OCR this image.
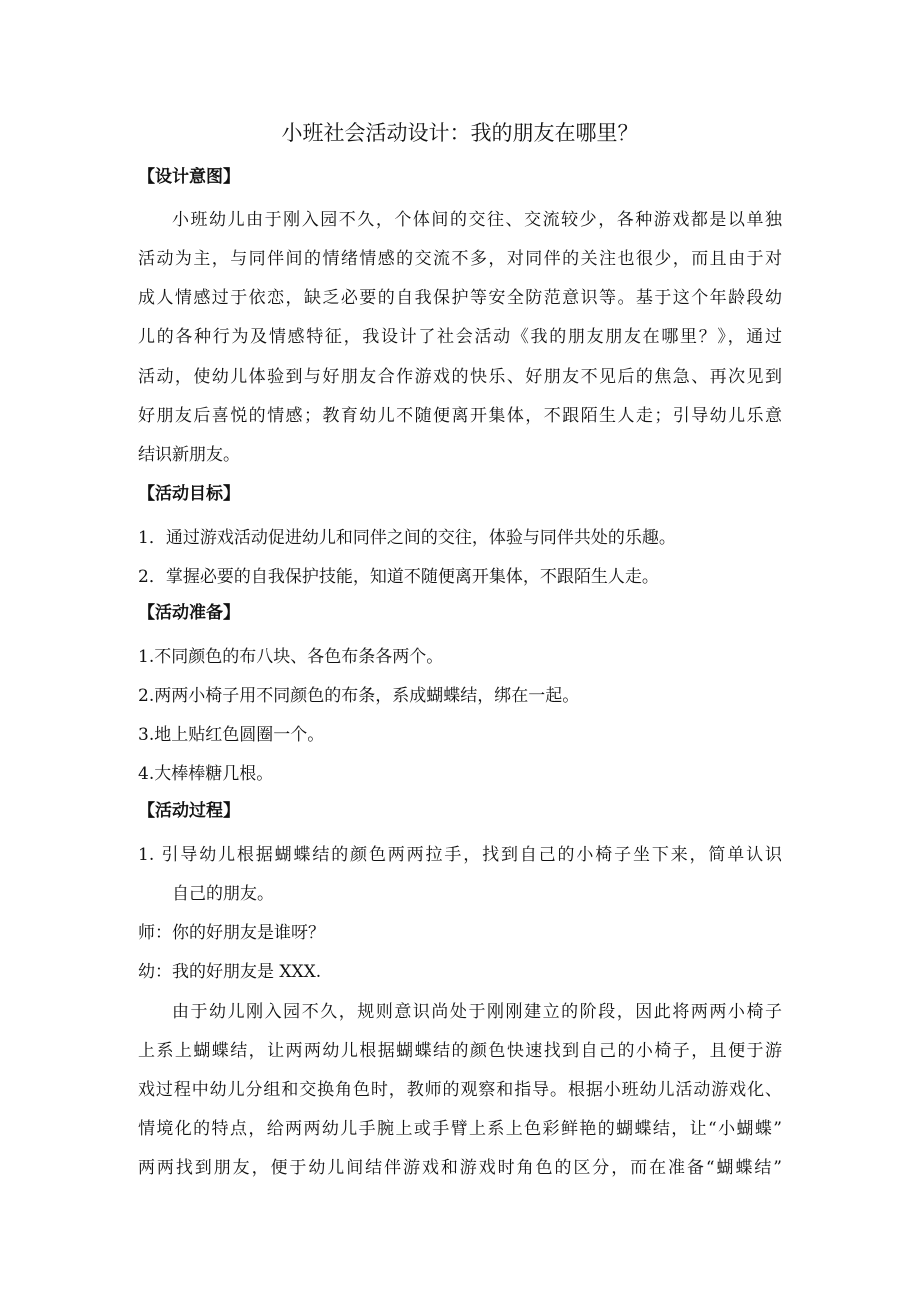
小班社会活动设计：我的朋友在哪里？
【设计意图】
小班幼儿由于刚入园不久，个体间的交往、交流较少，各种游戏都是以单独
活动为主，与同伴间的情绪情感的交流不多，对同伴的关注也很少，而且由于对
成人情感过于依恋，缺乏必要的自我保护等安全防范意识等。基于这个年龄段幼
儿的各种行为及情感特征，我设计了社会活动《我的朋友朋友在哪里？》，通过
活动，使幼儿体验到与好朋友合作游戏的快乐、好朋友不见后的焦急、再次见到
好朋友后喜悦的情感；教育幼儿不随便离开集体，不跟陌生人走；引导幼儿乐意
结识新朋友。
【活动目标】
1．通过游戏活动促进幼儿和同伴之间的交往，体验与同伴共处的乐趣。
2．掌握必要的自我保护技能，知道不随便离开集体，不跟陌生人走。
【活动准备】
1.不同颜色的布八块、各色布条各两个。
2.两两小椅子用不同颜色的布条，系成蝴蝶结，绑在一起。
3.地上贴红色圆圈一个。
4.大棒棒糖几根。
【活动过程】
1. 引导幼儿根据蝴蝶结的颜色两两拉手，找到自己的小椅子坐下来，简单认识
自己的朋友。
师：你的好朋友是谁呀？
幼：我的好朋友是 XXX.
由于幼儿刚入园不久，规则意识尚处于刚刚建立的阶段，因此将两两小椅子
上系上蝴蝶结，让两两幼儿根据蝴蝶结的颜色快速找到自己的小椅子，且便于游
戏过程中幼儿分组和交换角色时，教师的观察和指导。根据小班幼儿活动游戏化、
情境化的特点，给两两幼儿手腕上或手臂上系上色彩鲜艳的蝴蝶结，让“小蝴蝶”
两两找到朋友，便于幼儿间结伴游戏和游戏时角色的区分，而在准备“蝴蝶结”
